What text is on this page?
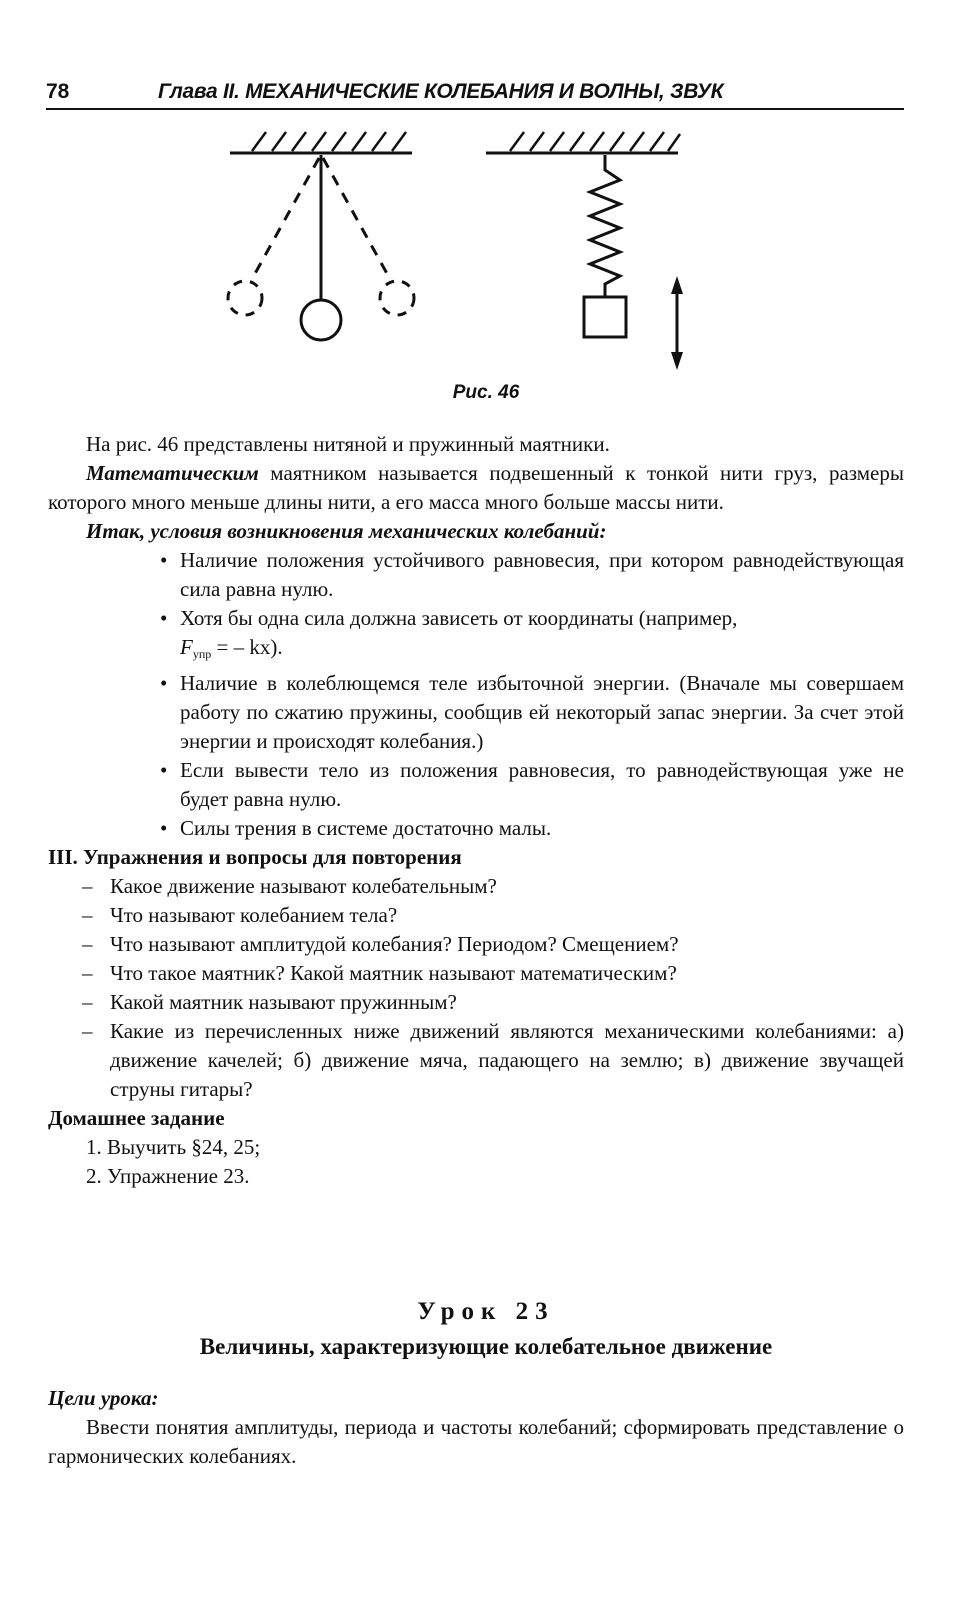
78	Глава II. МЕХАНИЧЕСКИЕ КОЛЕБАНИЯ И ВОЛНЫ, ЗВУК
Рис. 46

На рис. 46 представлены нитяной и пружинный маятники.

Математическим маятником называется подвешенный к тонкой нити груз, размеры которого много меньше длины нити, а его масса много больше массы нити.

Итак, условия возникновения механических колебаний:

• Наличие положения устойчивого равновесия, при котором равнодействующая сила равна нулю.
• Хотя бы одна сила должна зависеть от координаты (например,
$F_{упр}$ = – kx).
• Наличие в колеблющемся теле избыточной энергии. (Вначале мы совершаем работу по сжатию пружины, сообщив ей некоторый запас энергии. За счет этой энергии и происходят колебания.)
• Если вывести тело из положения равновесия, то равнодействующая уже не будет равна нулю.
• Силы трения в системе достаточно малы.

III. Упражнения и вопросы для повторения

– Какое движение называют колебательным?
– Что называют колебанием тела?
– Что называют амплитудой колебания? Периодом? Смещением?
– Что такое маятник? Какой маятник называют математическим?
– Какой маятник называют пружинным?
– Какие из перечисленных ниже движений являются механическими колебаниями: а) движение качелей; б) движение мяча, падающего на землю; в) движение звучащей струны гитары?

Домашнее задание

1. Выучить §24, 25;
2. Упражнение 23.
Урок 23
Величины, характеризующие колебательное движение

Цели урока:

Ввести понятия амплитуды, периода и частоты колебаний; сформировать представление о гармонических колебаниях.
